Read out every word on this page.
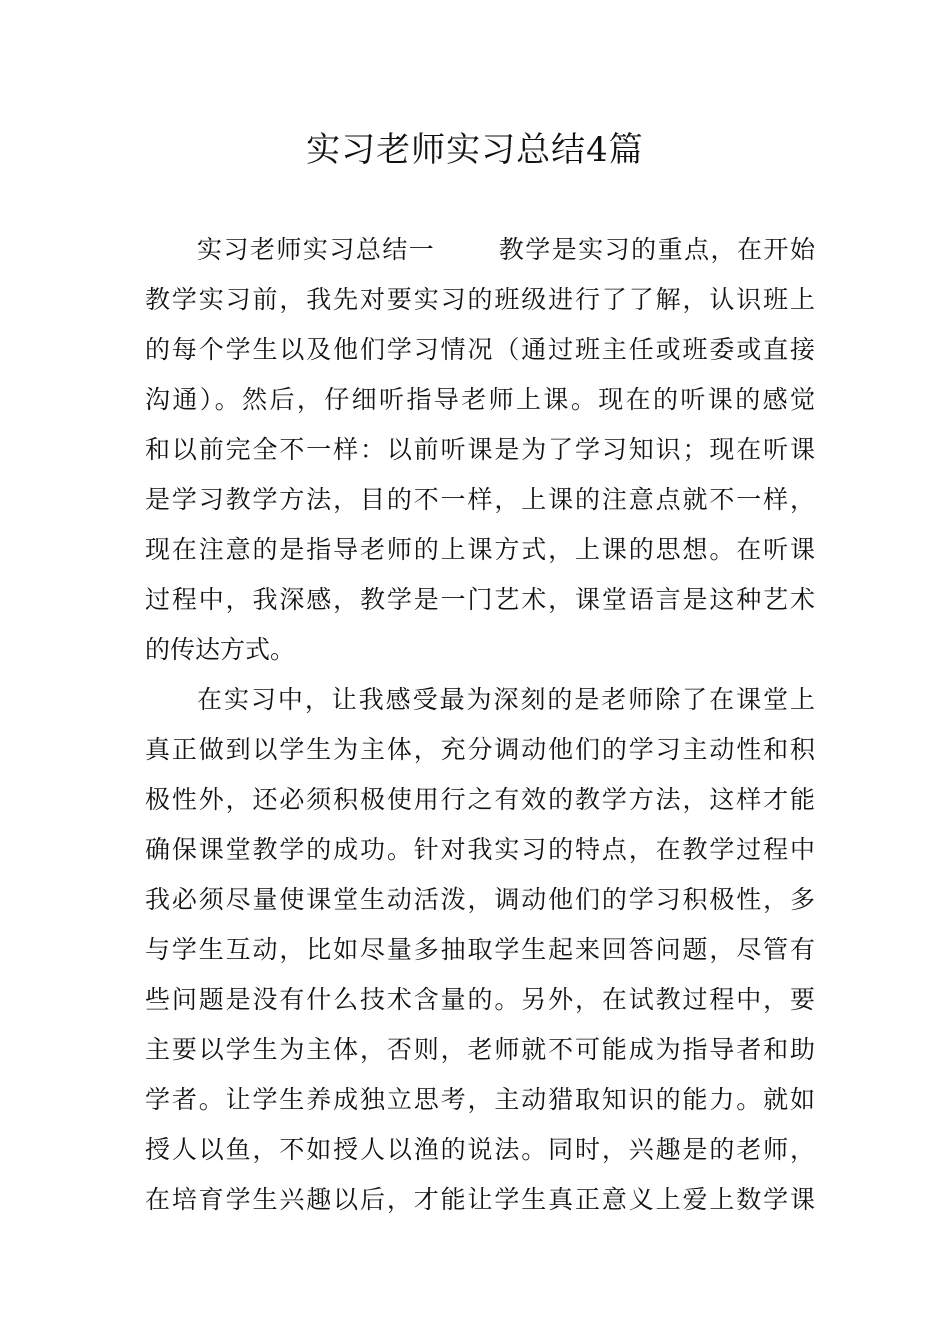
实习老师实习总结4篇
实习老师实习总结一 教学是实习的重点，在开始
教学实习前，我先对要实习的班级进行了了解，认识班上
的每个学生以及他们学习情况（通过班主任或班委或直接
沟通）。然后，仔细听指导老师上课。现在的听课的感觉
和以前完全不一样：以前听课是为了学习知识；现在听课
是学习教学方法，目的不一样，上课的注意点就不一样，
现在注意的是指导老师的上课方式，上课的思想。在听课
过程中，我深感，教学是一门艺术，课堂语言是这种艺术
的传达方式。
在实习中，让我感受最为深刻的是老师除了在课堂上
真正做到以学生为主体，充分调动他们的学习主动性和积
极性外，还必须积极使用行之有效的教学方法，这样才能
确保课堂教学的成功。针对我实习的特点，在教学过程中
我必须尽量使课堂生动活泼，调动他们的学习积极性，多
与学生互动，比如尽量多抽取学生起来回答问题，尽管有
些问题是没有什么技术含量的。另外，在试教过程中，要
主要以学生为主体，否则，老师就不可能成为指导者和助
学者。让学生养成独立思考，主动猎取知识的能力。就如
授人以鱼，不如授人以渔的说法。同时，兴趣是的老师，
在培育学生兴趣以后，才能让学生真正意义上爱上数学课
